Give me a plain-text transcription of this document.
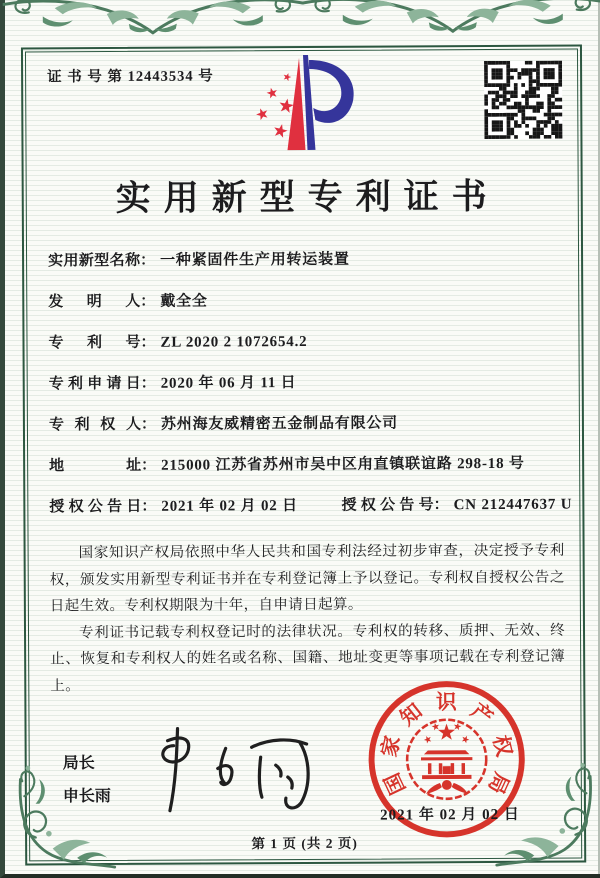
证 书 号 第 12443534 号
实用新型专利证书
实用新型名称 ： 一种紧固件生产用转运装置
发明人 ： 戴全全
专利号 ： ZL 2020 2 1072654.2
专利申请日 ： 2020 年 06 月 11 日
专利权人 ： 苏州海友威精密五金制品有限公司
地址 ： 215000 江苏省苏州市吴中区甪直镇联谊路 298-18 号
授权公告日 ： 2021 年 02 月 02 日	授权公告号 ： CN 212447637 U

国家知识产权局依照中华人民共和国专利法经过初步审查，决定授予专利权，颁发实用新型专利证书并在专利登记簿上予以登记。专利权自授权公告之日起生效。专利权期限为十年，自申请日起算。

专利证书记载专利权登记时的法律状况。专利权的转移、质押、无效、终止、恢复和专利权人的姓名或名称、国籍、地址变更等事项记载在专利登记簿上。

局长
申长雨	国
家
知 识 产
权
局
2021 年 02 月 02 日
第 1 页 (共 2 页)
